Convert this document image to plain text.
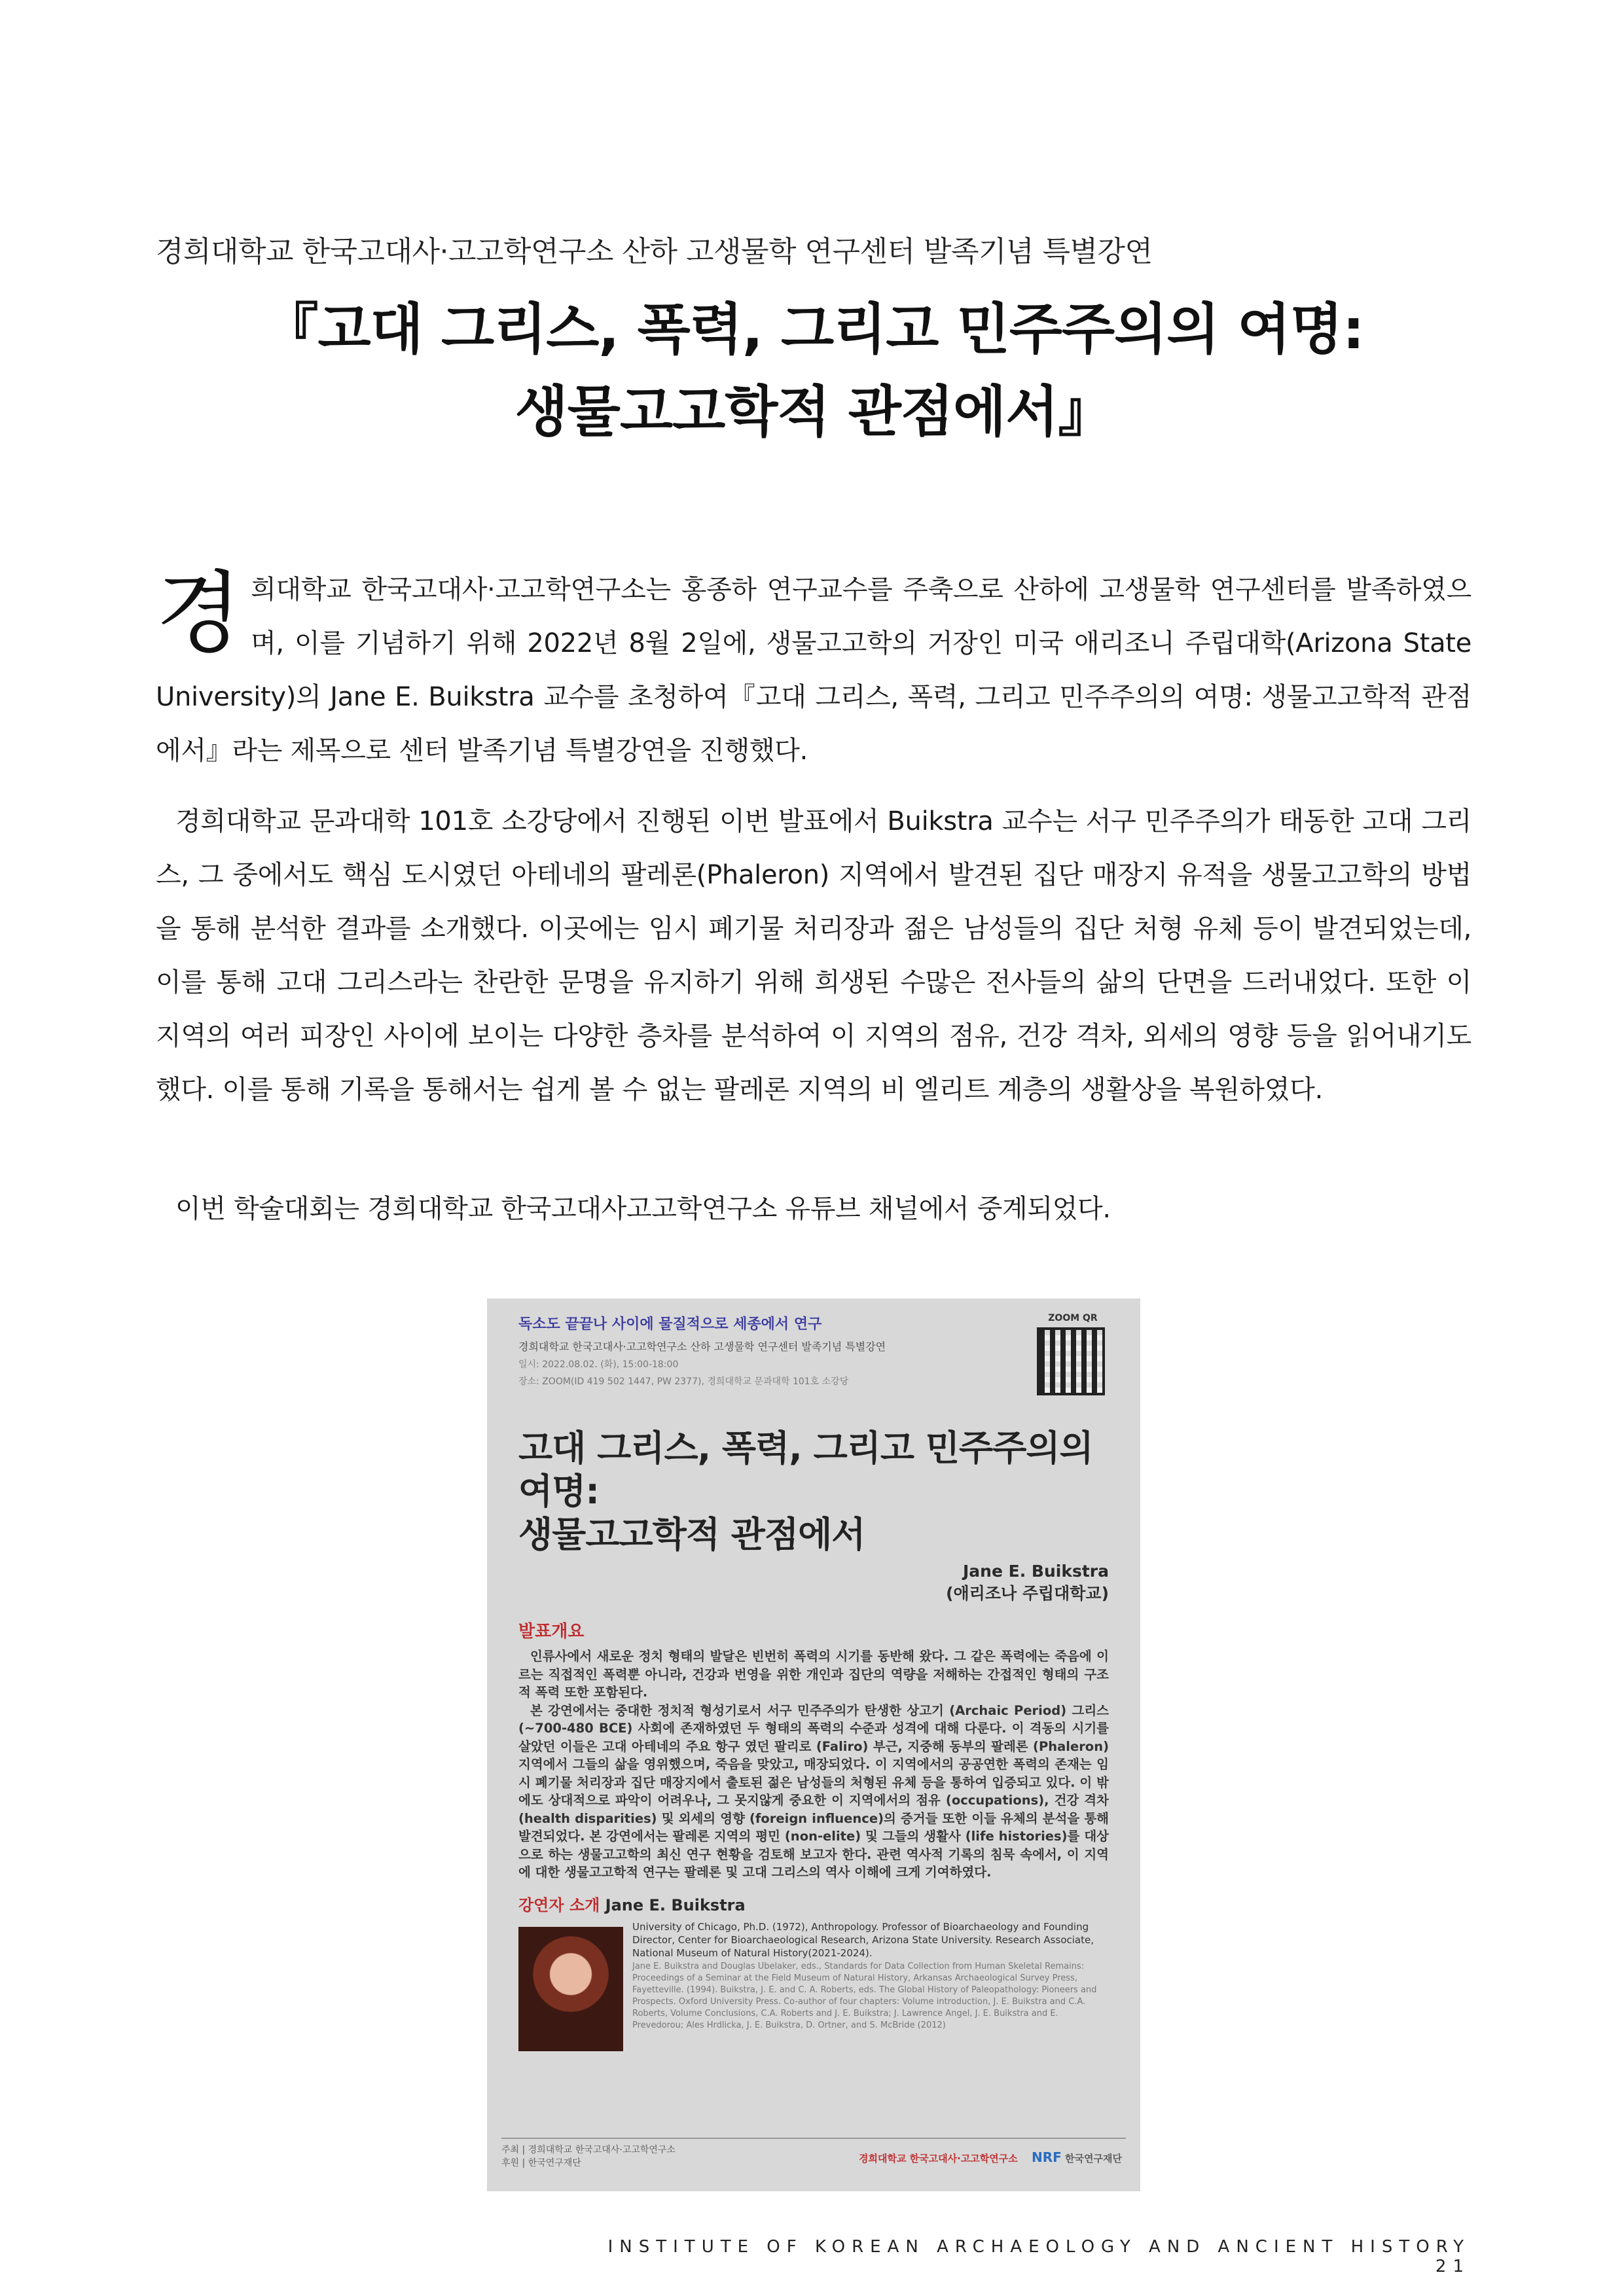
경희대학교 한국고대사·고고학연구소 산하 고생물학 연구센터 발족기념 특별강연
『고대 그리스, 폭력, 그리고 민주주의의 여명:
생물고고학적 관점에서』
경희대학교 한국고대사·고고학연구소는 홍종하 연구교수를 주축으로 산하에 고생물학 연구센터를 발족하였으며, 이를 기념하기 위해 2022년 8월 2일에, 생물고고학의 거장인 미국 애리조니 주립대학(Arizona State University)의 Jane E. Buikstra 교수를 초청하여『고대 그리스, 폭력, 그리고 민주주의의 여명: 생물고고학적 관점에서』라는 제목으로 센터 발족기념 특별강연을 진행했다.
경희대학교 문과대학 101호 소강당에서 진행된 이번 발표에서 Buikstra 교수는 서구 민주주의가 태동한 고대 그리스, 그 중에서도 핵심 도시였던 아테네의 팔레론(Phaleron) 지역에서 발견된 집단 매장지 유적을 생물고고학의 방법을 통해 분석한 결과를 소개했다. 이곳에는 임시 폐기물 처리장과 젊은 남성들의 집단 처형 유체 등이 발견되었는데, 이를 통해 고대 그리스라는 찬란한 문명을 유지하기 위해 희생된 수많은 전사들의 삶의 단면을 드러내었다. 또한 이 지역의 여러 피장인 사이에 보이는 다양한 층차를 분석하여 이 지역의 점유, 건강 격차, 외세의 영향 등을 읽어내기도 했다. 이를 통해 기록을 통해서는 쉽게 볼 수 없는 팔레론 지역의 비 엘리트 계층의 생활상을 복원하였다.
이번 학술대회는 경희대학교 한국고대사고고학연구소 유튜브 채널에서 중계되었다.
독소도 끝끝나 사이에 물질적으로 세종에서 연구
경희대학교 한국고대사·고고학연구소 산하 고생물학 연구센터 발족기념 특별강연
일시: 2022.08.02. (화), 15:00-18:00
장소: ZOOM(ID 419 502 1447, PW 2377), 경희대학교 문과대학 101호 소강당
ZOOM QR
고대 그리스, 폭력, 그리고 민주주의의 여명:
생물고고학적 관점에서
Jane E. Buikstra
(애리조나 주립대학교)
발표개요
인류사에서 새로운 정치 형태의 발달은 빈번히 폭력의 시기를 동반해 왔다. 그 같은 폭력에는 죽음에 이르는 직접적인 폭력뿐 아니라, 건강과 번영을 위한 개인과 집단의 역량을 저해하는 간접적인 형태의 구조적 폭력 또한 포함된다.
본 강연에서는 중대한 정치적 형성기로서 서구 민주주의가 탄생한 상고기 (Archaic Period) 그리스 (~700-480 BCE) 사회에 존재하였던 두 형태의 폭력의 수준과 성격에 대해 다룬다. 이 격동의 시기를 살았던 이들은 고대 아테네의 주요 항구 였던 팔리로 (Faliro) 부근, 지중해 동부의 팔레론 (Phaleron) 지역에서 그들의 삶을 영위했으며, 죽음을 맞았고, 매장되었다. 이 지역에서의 공공연한 폭력의 존재는 임시 폐기물 처리장과 집단 매장지에서 출토된 젊은 남성들의 처형된 유체 등을 통하여 입증되고 있다. 이 밖에도 상대적으로 파악이 어려우나, 그 못지않게 중요한 이 지역에서의 점유 (occupations), 건강 격차 (health disparities) 및 외세의 영향 (foreign influence)의 증거들 또한 이들 유체의 분석을 통해 발견되었다. 본 강연에서는 팔레론 지역의 평민 (non-elite) 및 그들의 생활사 (life histories)를 대상으로 하는 생물고고학의 최신 연구 현황을 검토해 보고자 한다. 관련 역사적 기록의 침묵 속에서, 이 지역에 대한 생물고고학적 연구는 팔레론 및 고대 그리스의 역사 이해에 크게 기여하였다.
강연자 소개 Jane E. Buikstra
University of Chicago, Ph.D. (1972), Anthropology. Professor of Bioarchaeology and Founding Director, Center for Bioarchaeological Research, Arizona State University. Research Associate, National Museum of Natural History(2021-2024).
Jane E. Buikstra and Douglas Ubelaker, eds., Standards for Data Collection from Human Skeletal Remains: Proceedings of a Seminar at the Field Museum of Natural History, Arkansas Archaeological Survey Press, Fayetteville. (1994). Buikstra, J. E. and C. A. Roberts, eds. The Global History of Paleopathology: Pioneers and Prospects. Oxford University Press. Co-author of four chapters: Volume introduction, J. E. Buikstra and C.A. Roberts, Volume Conclusions, C.A. Roberts and J. E. Buikstra; J. Lawrence Angel, J. E. Buikstra and E. Prevedorou; Ales Hrdlicka, J. E. Buikstra, D. Ortner, and S. McBride (2012)
주최 | 경희대학교 한국고대사·고고학연구소
후원 | 한국연구재단	경희대학교 한국고대사·고고학연구소 NRF 한국연구재단
INSTITUTE OF KOREAN ARCHAEOLOGY AND ANCIENT HISTORY 21
